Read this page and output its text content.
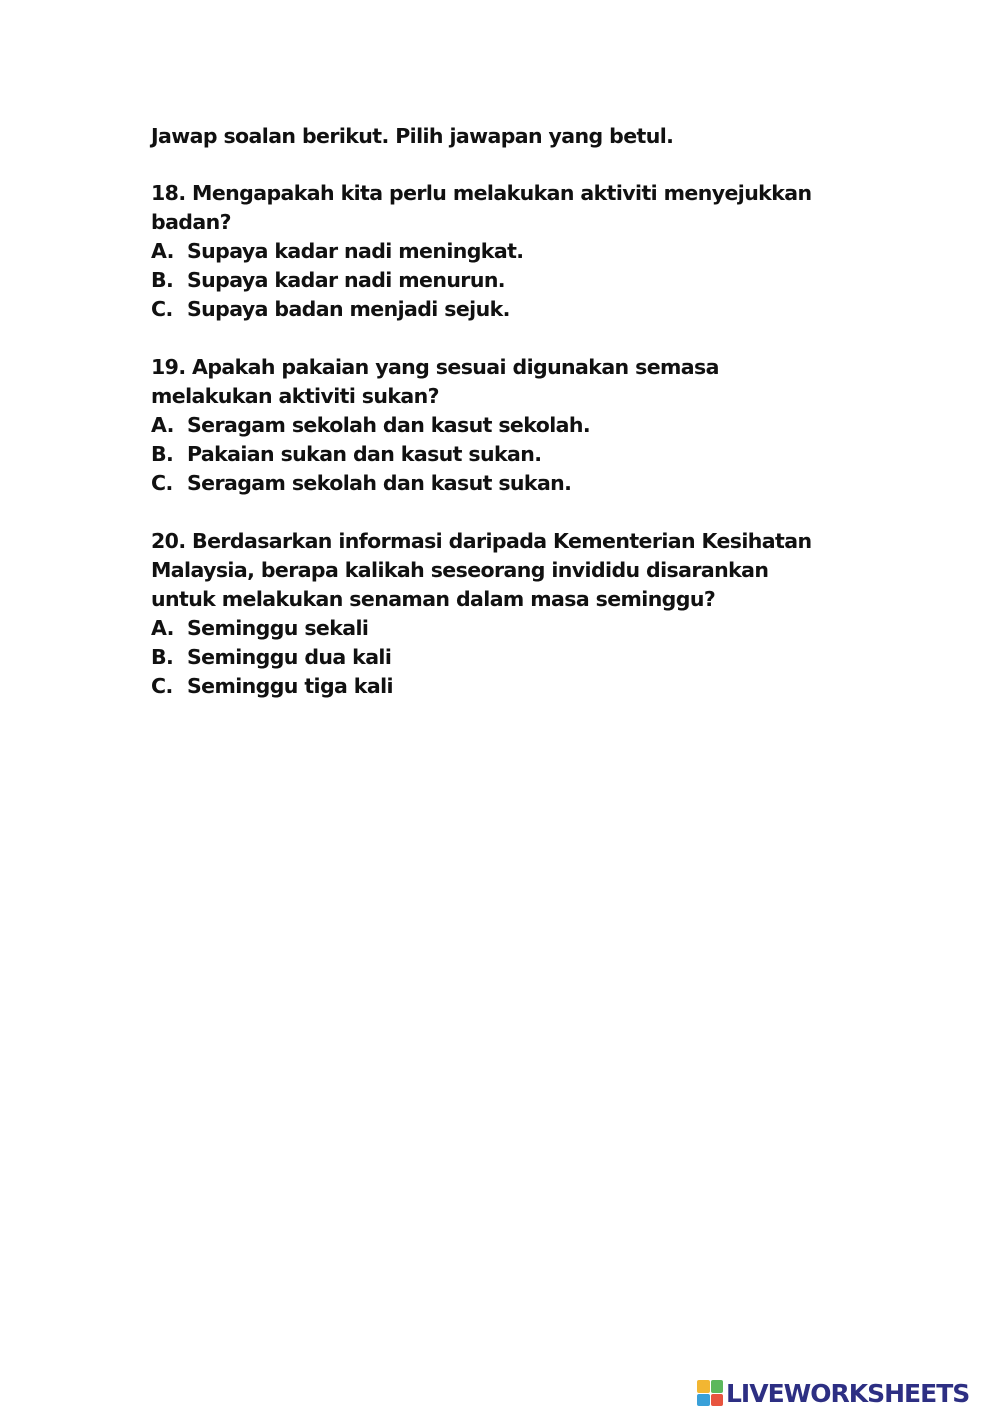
Jawap soalan berikut. Pilih jawapan yang betul.

18. Mengapakah kita perlu melakukan aktiviti menyejukkan
badan?

A. Supaya kadar nadi meningkat.
B. Supaya kadar nadi menurun.
C. Supaya badan menjadi sejuk.

19. Apakah pakaian yang sesuai digunakan semasa
melakukan aktiviti sukan?

A. Seragam sekolah dan kasut sekolah.
B. Pakaian sukan dan kasut sukan.
C. Seragam sekolah dan kasut sukan.

20. Berdasarkan informasi daripada Kementerian Kesihatan
Malaysia, berapa kalikah seseorang invididu disarankan
untuk melakukan senaman dalam masa seminggu?

A. Seminggu sekali
B. Seminggu dua kali
C. Seminggu tiga kali
LIVEWORKSHEETS
